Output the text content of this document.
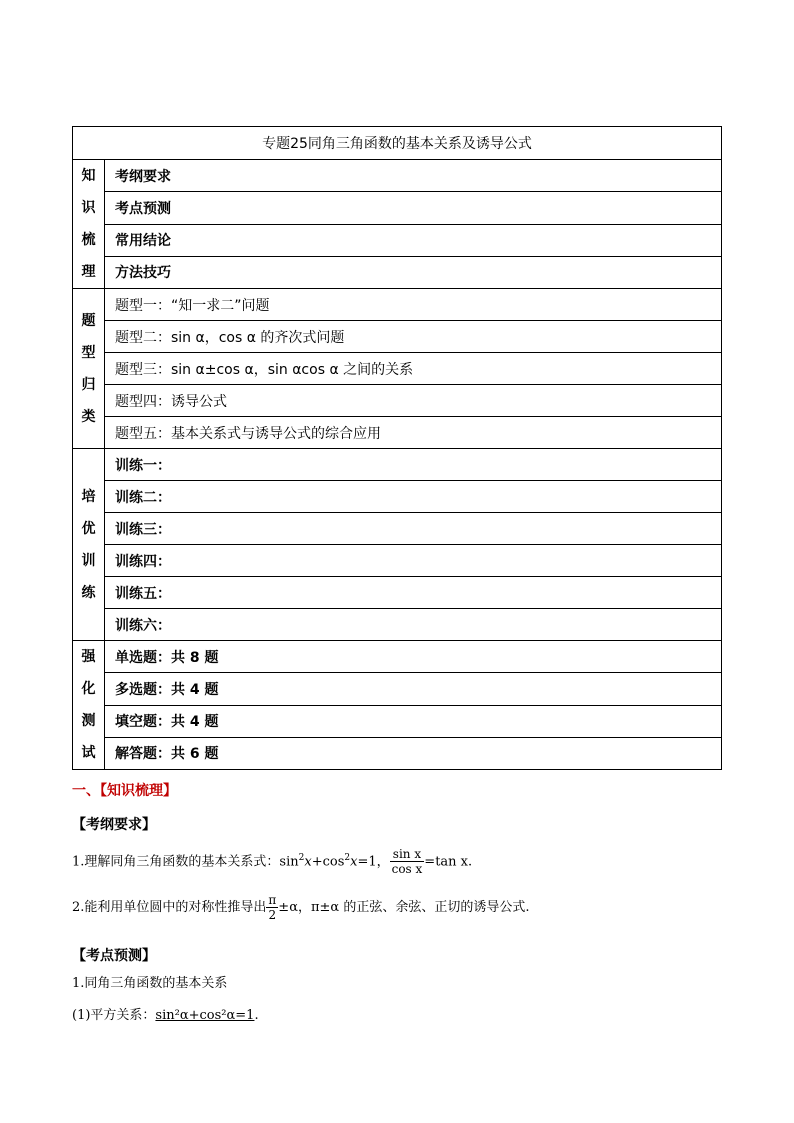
专题25同角三角函数的基本关系及诱导公式	

知
识
梳
理	考纲要求
	考点预测
	常用结论
	方法技巧

题
型
归
类	题型一：“知一求二”问题
	题型二：sin α，cos α 的齐次式问题
	题型三：sin α±cos α，sin αcos α 之间的关系
	题型四：诱导公式
	题型五：基本关系式与诱导公式的综合应用

培
优
训
练	训练一：
	训练二：
	训练三：
	训练四：
	训练五：
	训练六：

强
化
测
试	单选题：共 8 题
	多选题：共 4 题
	填空题：共 4 题
	解答题：共 6 题
一、【知识梳理】
【考纲要求】
1.理解同角三角函数的基本关系式：$\sin^2x+\cos^2x=1$， $\frac{\text{sin x}}{\text{cos x}} =\tan$ x.
2.能利用单位圆中的对称性推导出 $\frac{\pi}{2} \pm\alpha$，π±α 的正弦、余弦、正切的诱导公式.
【考点预测】
1.同角三角函数的基本关系
(1)平方关系：sin²α+cos²α=1.
